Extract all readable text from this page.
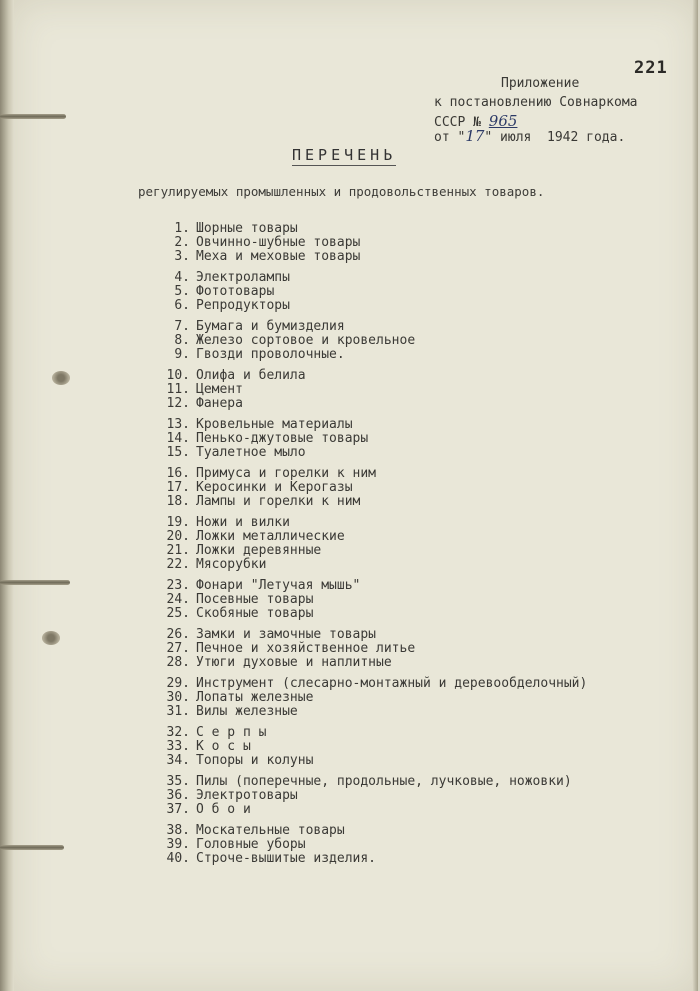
221
Приложение
к постановлению Совнаркома
СССР № 965
от "17" июля  1942 года.
ПЕРЕЧЕНЬ
регулируемых промышленных и продовольственных товаров.
1. Шорные товары
2. Овчинно-шубные товары
3. Меха и меховые товары
4. Электролампы
5. Фототовары
6. Репродукторы
7. Бумага и бумизделия
8. Железо сортовое и кровельное
9. Гвозди проволочные.
10. Олифа и белила
11. Цемент
12. Фанера
13. Кровельные материалы
14. Пенько-джутовые товары
15. Туалетное мыло
16. Примуса и горелки к ним
17. Керосинки и Керогазы
18. Лампы и горелки к ним
19. Ножи и вилки
20. Ложки металлические
21. Ложки деревянные
22. Мясорубки
23. Фонари "Летучая мышь"
24. Посевные товары
25. Скобяные товары
26. Замки и замочные товары
27. Печное и хозяйственное литье
28. Утюги духовые и наплитные
29. Инструмент (слесарно-монтажный и деревообделочный)
30. Лопаты железные
31. Вилы железные
32. С е р п ы
33. К о с ы
34. Топоры и колуны
35. Пилы (поперечные, продольные, лучковые, ножовки)
36. Электротовары
37. О б о и
38. Москательные товары
39. Головные уборы
40. Строче-вышитые изделия.
